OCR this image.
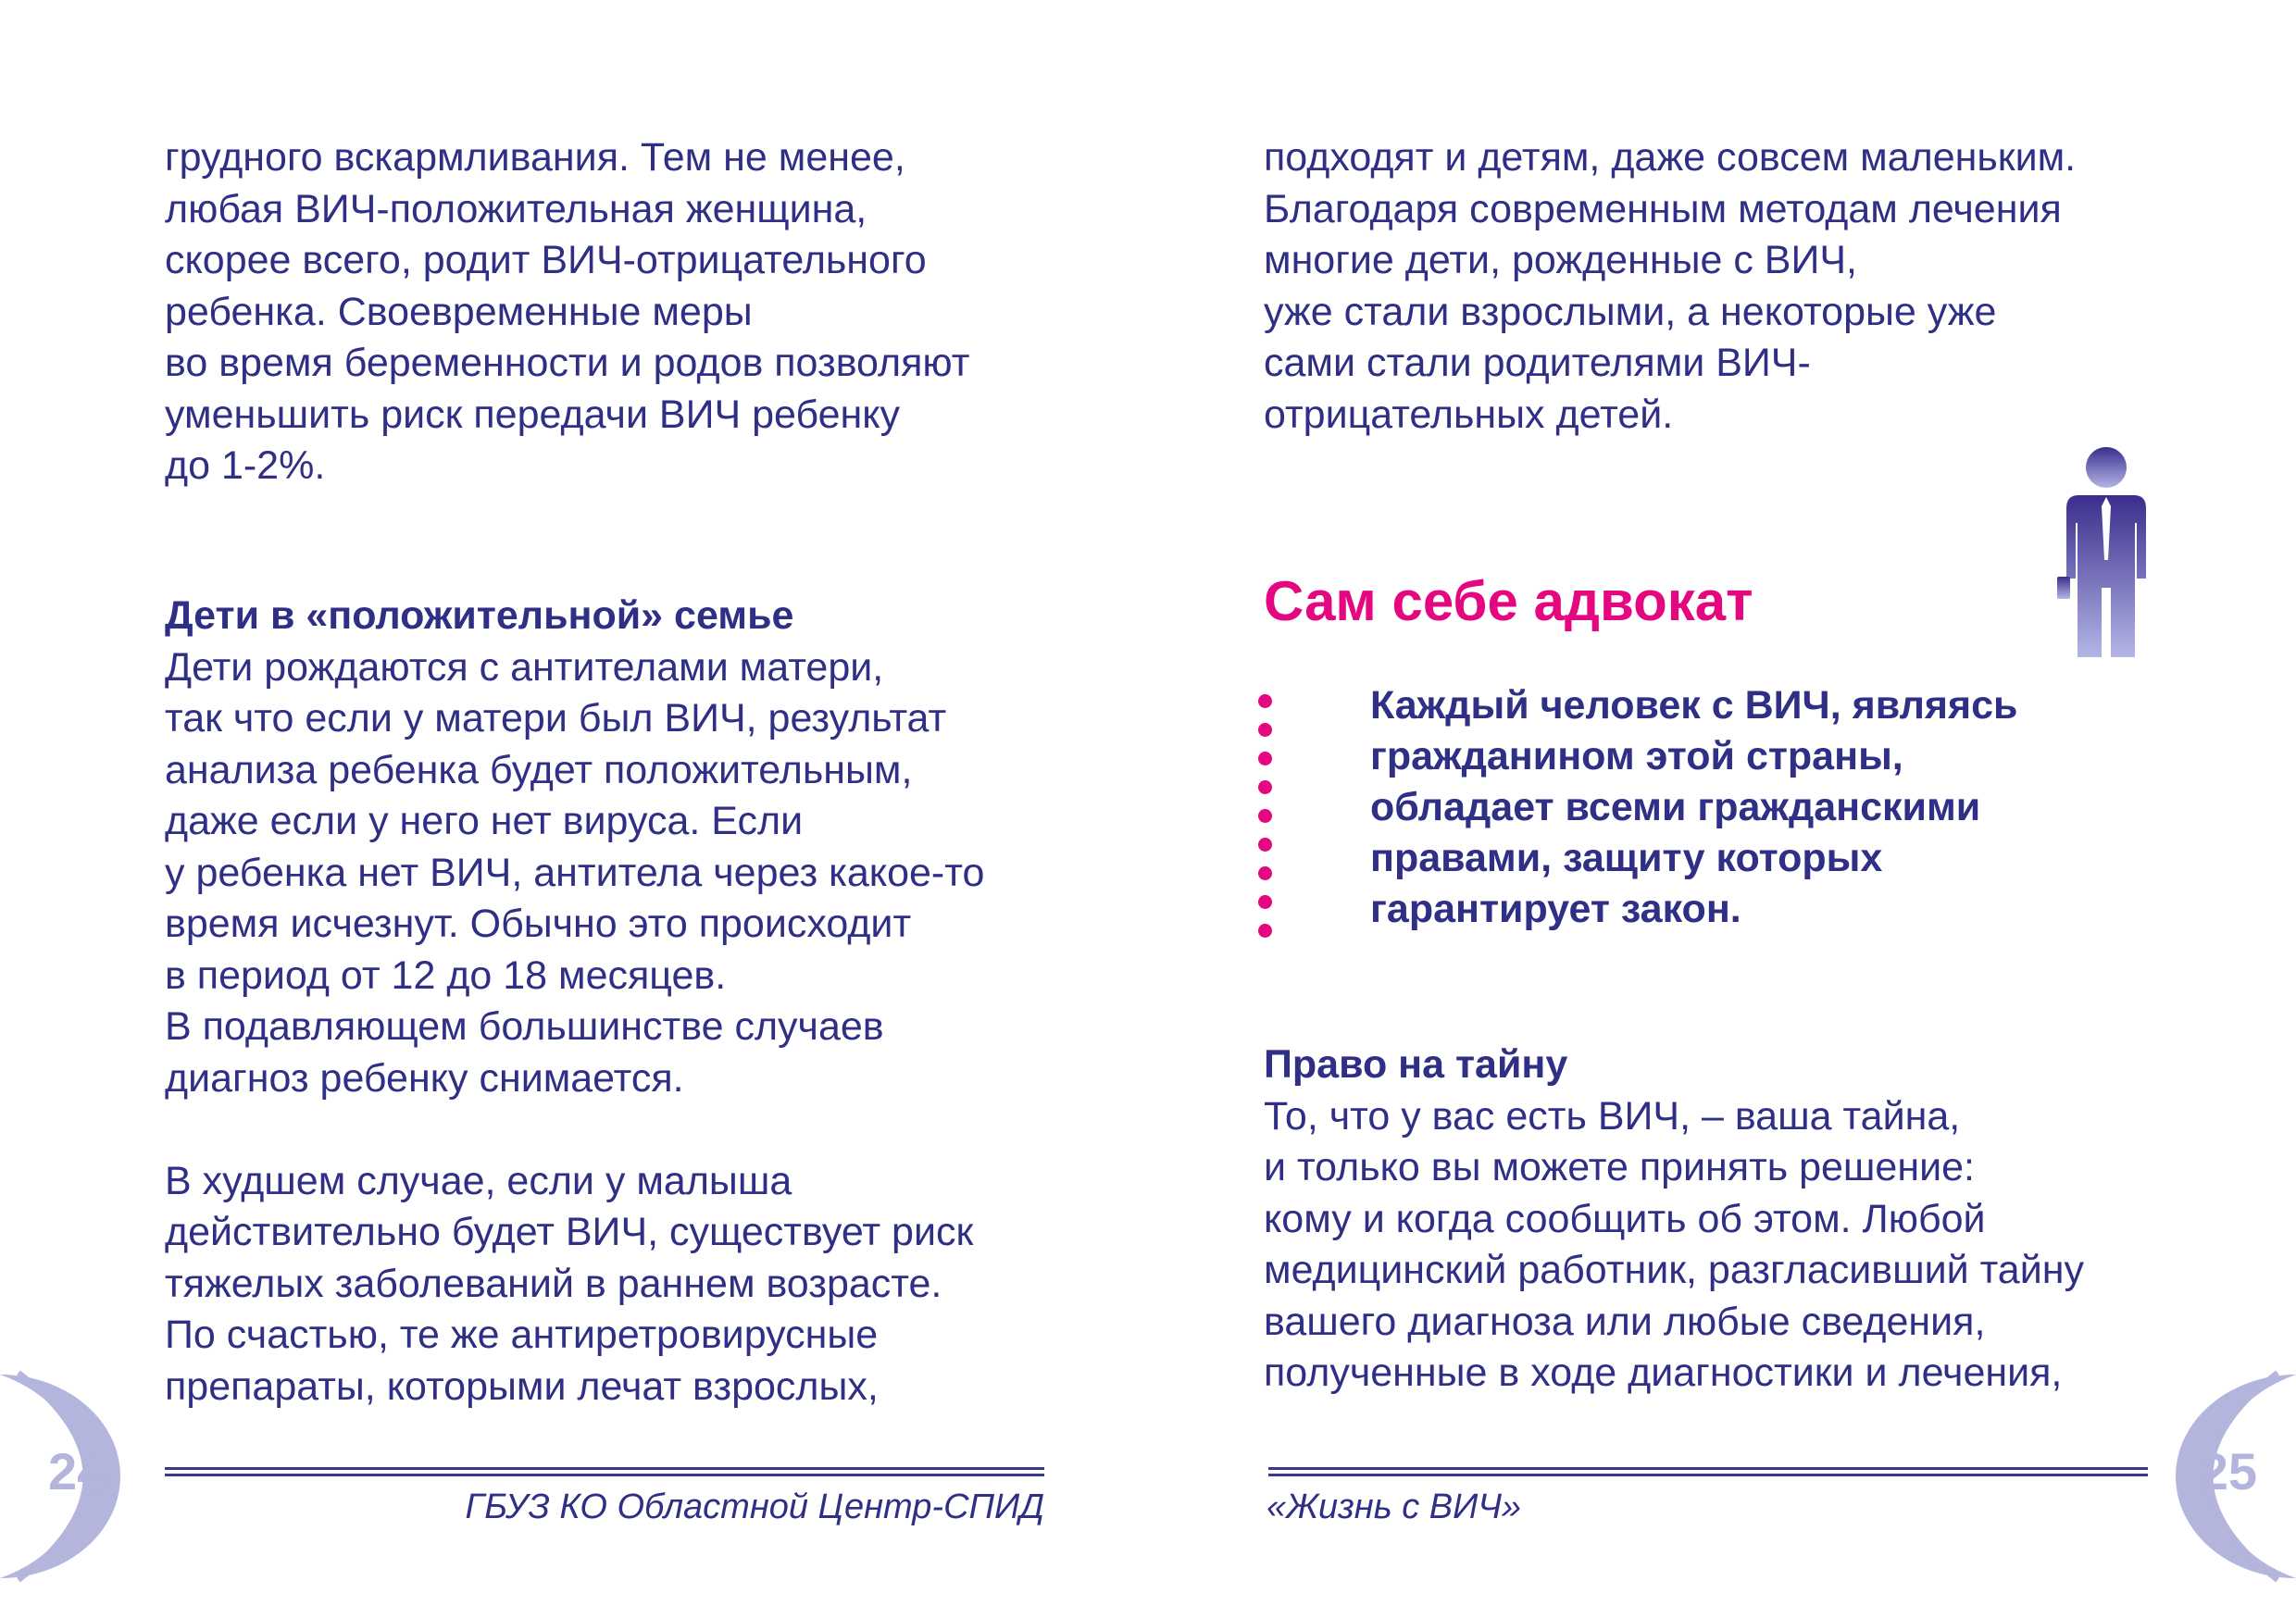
грудного вскармливания. Тем не менее,
любая ВИЧ-положительная женщина,
скорее всего, родит ВИЧ-отрицательного
ребенка. Своевременные меры
во время беременности и родов позволяют
уменьшить риск передачи ВИЧ ребенку
до 1-2%.

Дети в «положительной» семье

Дети рождаются с антителами матери,
так что если у матери был ВИЧ, результат
анализа ребенка будет положительным,
даже если у него нет вируса. Если
у ребенка нет ВИЧ, антитела через какое-то
время исчезнут. Обычно это происходит
в период от 12 до 18 месяцев.
В подавляющем большинстве случаев
диагноз ребенку снимается.

В худшем случае, если у малыша
действительно будет ВИЧ, существует риск
тяжелых заболеваний в раннем возрасте.
По счастью, те же антиретровирусные
препараты, которыми лечат взрослых,

24

ГБУЗ КО Областной Центр-СПИД

подходят и детям, даже совсем маленьким.
Благодаря современным методам лечения
многие дети, рожденные с ВИЧ,
уже стали взрослыми, а некоторые уже
сами стали родителями ВИЧ-
отрицательных детей.

Сам себе адвокат

Каждый человек с ВИЧ, являясь
гражданином этой страны,
обладает всеми гражданскими
правами, защиту которых
гарантирует закон.

Право на тайну

То, что у вас есть ВИЧ, – ваша тайна,
и только вы можете принять решение:
кому и когда сообщить об этом. Любой
медицинский работник, разгласивший тайну
вашего диагноза или любые сведения,
полученные в ходе диагностики и лечения,

25

«Жизнь с ВИЧ»
